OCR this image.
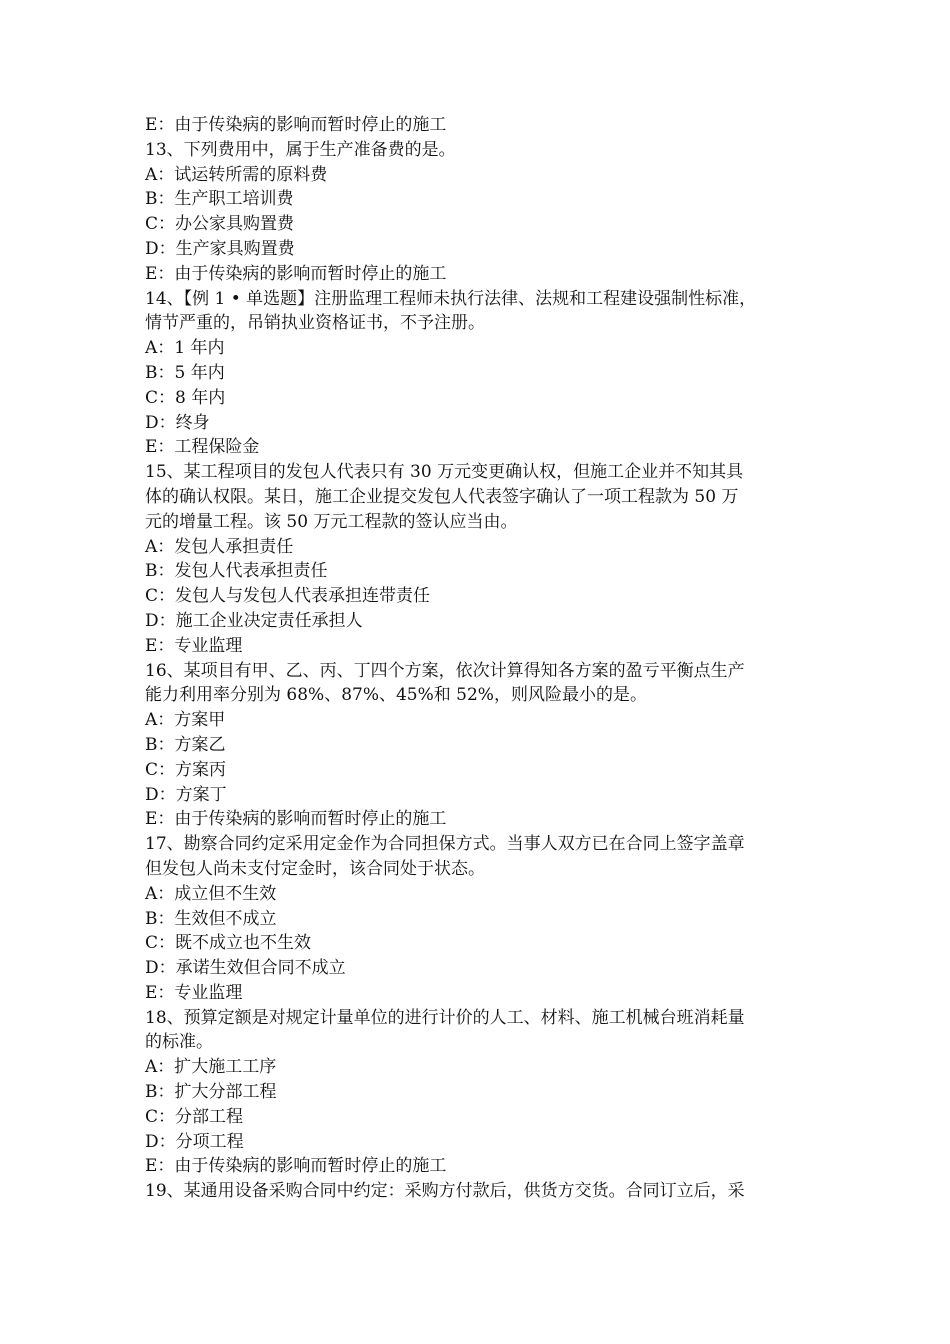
E：由于传染病的影响而暂时停止的施工
13、下列费用中，属于生产准备费的是。
A：试运转所需的原料费
B：生产职工培训费
C：办公家具购置费
D：生产家具购置费
E：由于传染病的影响而暂时停止的施工
14、【例 1 • 单选题】注册监理工程师未执行法律、法规和工程建设强制性标准，
情节严重的，吊销执业资格证书，不予注册。
A：1 年内
B：5 年内
C：8 年内
D：终身
E：工程保险金
15、某工程项目的发包人代表只有 30 万元变更确认权，但施工企业并不知其具
体的确认权限。某日，施工企业提交发包人代表签字确认了一项工程款为 50 万
元的增量工程。该 50 万元工程款的签认应当由。
A：发包人承担责任
B：发包人代表承担责任
C：发包人与发包人代表承担连带责任
D：施工企业决定责任承担人
E：专业监理
16、某项目有甲、乙、丙、丁四个方案，依次计算得知各方案的盈亏平衡点生产
能力利用率分别为 68%、87%、45%和 52%，则风险最小的是。
A：方案甲
B：方案乙
C：方案丙
D：方案丁
E：由于传染病的影响而暂时停止的施工
17、勘察合同约定采用定金作为合同担保方式。当事人双方已在合同上签字盖章
但发包人尚未支付定金时，该合同处于状态。
A：成立但不生效
B：生效但不成立
C：既不成立也不生效
D：承诺生效但合同不成立
E：专业监理
18、预算定额是对规定计量单位的进行计价的人工、材料、施工机械台班消耗量
的标准。
A：扩大施工工序
B：扩大分部工程
C：分部工程
D：分项工程
E：由于传染病的影响而暂时停止的施工
19、某通用设备采购合同中约定：采购方付款后，供货方交货。合同订立后，采
